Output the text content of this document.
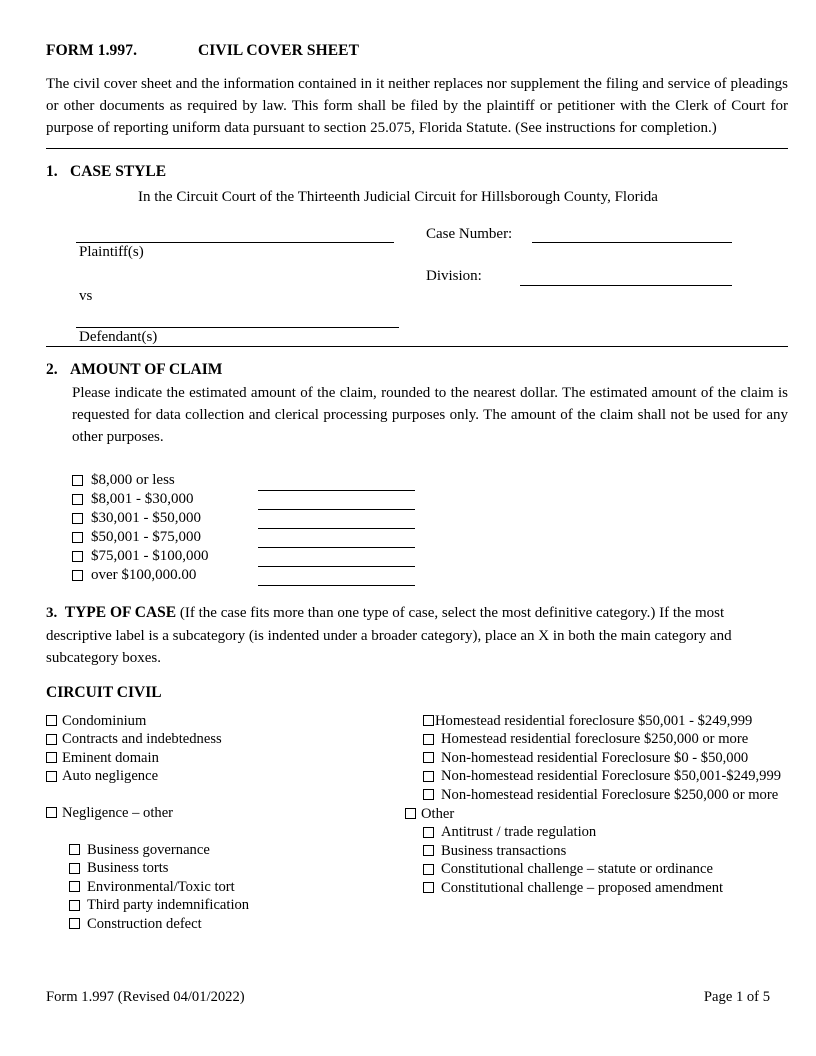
FORM 1.997.	CIVIL COVER SHEET
The civil cover sheet and the information contained in it neither replaces nor supplement the filing and service of pleadings or other documents as required by law. This form shall be filed by the plaintiff or petitioner with the Clerk of Court for purpose of reporting uniform data pursuant to section 25.075, Florida Statute. (See instructions for completion.)
1. CASE STYLE
In the Circuit Court of the Thirteenth Judicial Circuit for Hillsborough County, Florida
Plaintiff(s)
vs
Defendant(s)
Case Number:
Division:
2. AMOUNT OF CLAIM
Please indicate the estimated amount of the claim, rounded to the nearest dollar. The estimated amount of the claim is requested for data collection and clerical processing purposes only. The amount of the claim shall not be used for any other purposes.
$8,000 or less
$8,001 - $30,000
$30,001 - $50,000
$50,001 - $75,000
$75,001 - $100,000
over $100,000.00
3. TYPE OF CASE (If the case fits more than one type of case, select the most definitive category.) If the most descriptive label is a subcategory (is indented under a broader category), place an X in both the main category and subcategory boxes.
CIRCUIT CIVIL
Condominium
Contracts and indebtedness
Eminent domain
Auto negligence
Negligence – other
Business governance
Business torts
Environmental/Toxic tort
Third party indemnification
Construction defect
Homestead residential foreclosure $50,001 - $249,999
Homestead residential foreclosure $250,000 or more
Non-homestead residential Foreclosure $0 - $50,000
Non-homestead residential Foreclosure $50,001-$249,999
Non-homestead residential Foreclosure $250,000 or more
Other
Antitrust / trade regulation
Business transactions
Constitutional challenge – statute or ordinance
Constitutional challenge – proposed amendment
Form 1.997 (Revised 04/01/2022)	Page 1 of 5
